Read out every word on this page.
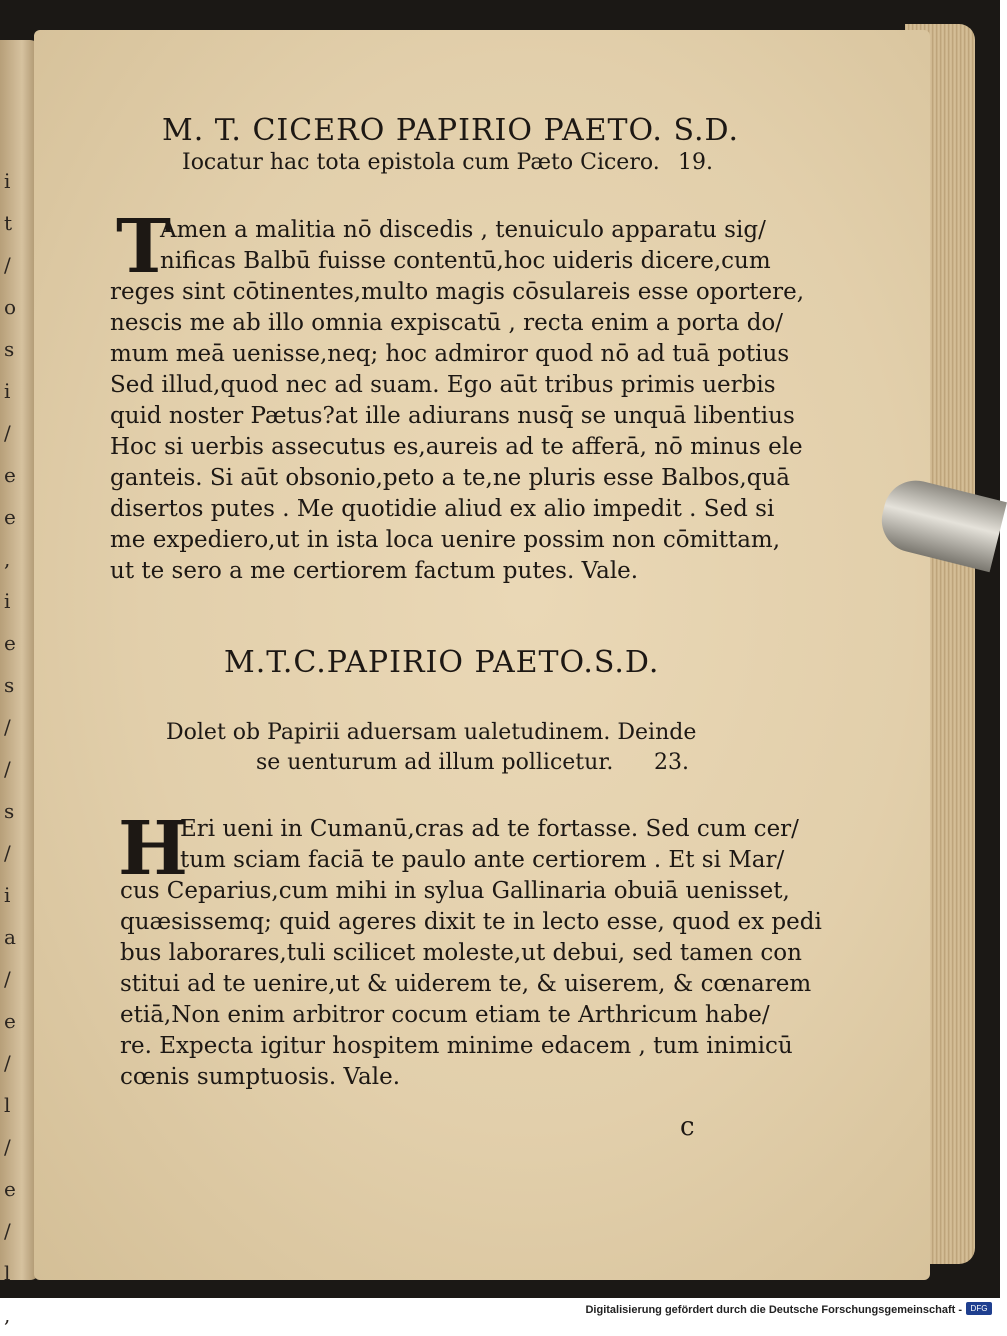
i
t
/
o
s
i
/
e
e
,
i
e
s
/
/
s
/
i
a
/
e
/
l
/
e
/
l
M. T. CICERO PAPIRIO PAETO. S.D.
Iocatur hac tota epistola cum Pæto Cicero. 19.
T
Amen a malitia nō discedis , tenuiculo apparatu sig/
nificas Balbū fuisse contentū,hoc uideris dicere,cum
reges sint cōtinentes,multo magis cōsulareis esse oportere,
nescis me ab illo omnia expiscatū , recta enim a porta do/
mum meā uenisse,neq; hoc admiror quod nō ad tuā potius
Sed illud,quod nec ad suam. Ego aūt tribus primis uerbis
quid noster Pætus?at ille adiurans nusq̄ se unquā libentius
Hoc si uerbis assecutus es,aureis ad te afferā, nō minus ele
ganteis. Si aūt obsonio,peto a te,ne pluris esse Balbos,quā
disertos putes . Me quotidie aliud ex alio impedit . Sed si
me expediero,ut in ista loca uenire possim non cōmittam,
ut te sero a me certiorem factum putes. Vale.
M.T.C.PAPIRIO PAETO.S.D.
Dolet ob Papirii aduersam ualetudinem. Deinde
se uenturum ad illum pollicetur. 23.
H
Eri ueni in Cumanū,cras ad te fortasse. Sed cum cer/
tum sciam faciā te paulo ante certiorem . Et si Mar/
cus Ceparius,cum mihi in sylua Gallinaria obuiā uenisset,
quæsissemq; quid ageres dixit te in lecto esse, quod ex pedi
bus laborares,tuli scilicet moleste,ut debui, sed tamen con
stitui ad te uenire,ut & uiderem te, & uiserem, & cœnarem
etiā,Non enim arbitror cocum etiam te Arthricum habe/
re. Expecta igitur hospitem minime edacem , tum inimicū
cœnis sumptuosis. Vale.
c
Digitalisierung gefördert durch die Deutsche Forschungsgemeinschaft -	DFG
